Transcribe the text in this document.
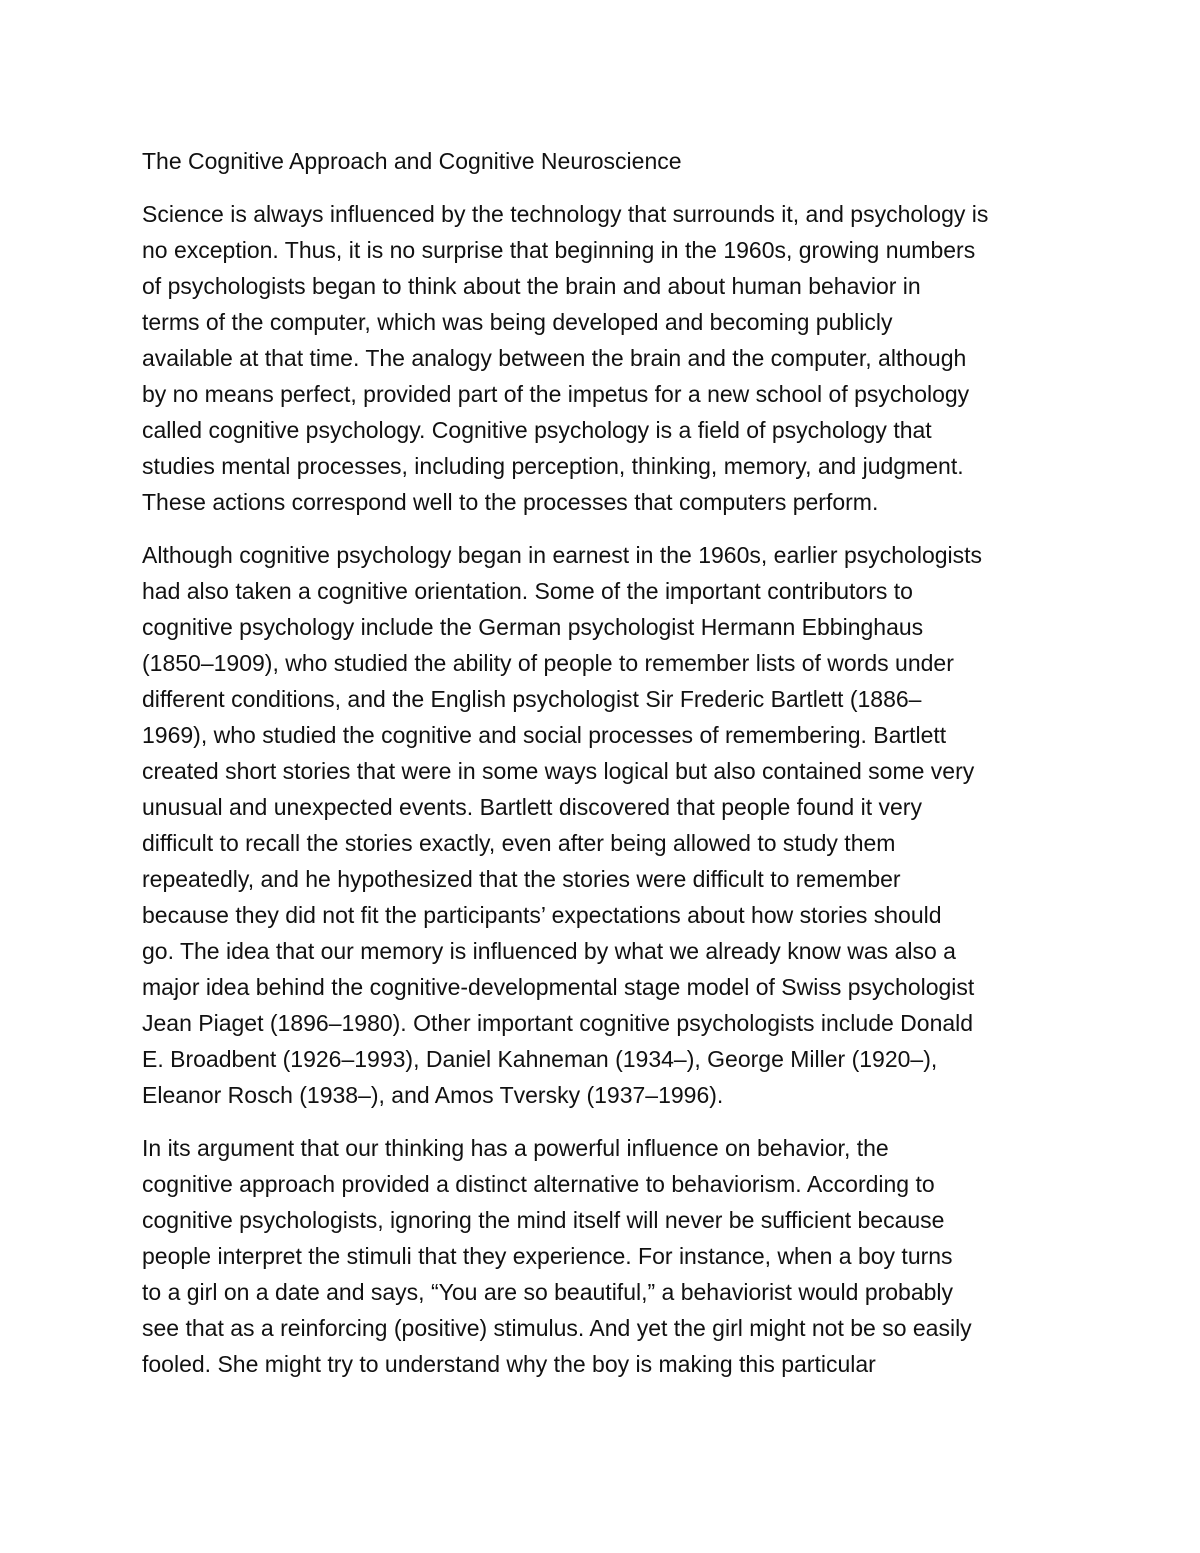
The Cognitive Approach and Cognitive Neuroscience
Science is always influenced by the technology that surrounds it, and psychology is
no exception. Thus, it is no surprise that beginning in the 1960s, growing numbers
of psychologists began to think about the brain and about human behavior in
terms of the computer, which was being developed and becoming publicly
available at that time. The analogy between the brain and the computer, although
by no means perfect, provided part of the impetus for a new school of psychology
called cognitive psychology. Cognitive psychology is a field of psychology that
studies mental processes, including perception, thinking, memory, and judgment.
These actions correspond well to the processes that computers perform.
Although cognitive psychology began in earnest in the 1960s, earlier psychologists
had also taken a cognitive orientation. Some of the important contributors to
cognitive psychology include the German psychologist Hermann Ebbinghaus
(1850–1909), who studied the ability of people to remember lists of words under
different conditions, and the English psychologist Sir Frederic Bartlett (1886–
1969), who studied the cognitive and social processes of remembering. Bartlett
created short stories that were in some ways logical but also contained some very
unusual and unexpected events. Bartlett discovered that people found it very
difficult to recall the stories exactly, even after being allowed to study them
repeatedly, and he hypothesized that the stories were difficult to remember
because they did not fit the participants’ expectations about how stories should
go. The idea that our memory is influenced by what we already know was also a
major idea behind the cognitive-developmental stage model of Swiss psychologist
Jean Piaget (1896–1980). Other important cognitive psychologists include Donald
E. Broadbent (1926–1993), Daniel Kahneman (1934–), George Miller (1920–),
Eleanor Rosch (1938–), and Amos Tversky (1937–1996).
In its argument that our thinking has a powerful influence on behavior, the
cognitive approach provided a distinct alternative to behaviorism. According to
cognitive psychologists, ignoring the mind itself will never be sufficient because
people interpret the stimuli that they experience. For instance, when a boy turns
to a girl on a date and says, “You are so beautiful,” a behaviorist would probably
see that as a reinforcing (positive) stimulus. And yet the girl might not be so easily
fooled. She might try to understand why the boy is making this particular
